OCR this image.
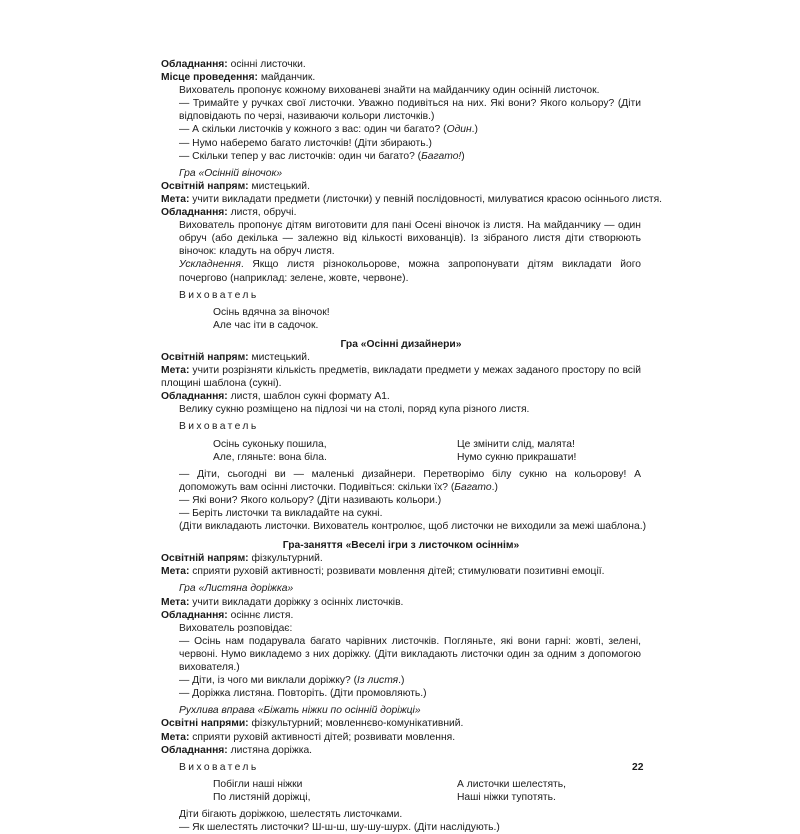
Обладнання: осінні листочки.

Місце проведення: майданчик.

Вихователь пропонує кожному вихованеві знайти на майданчику один осінній листочок.

— Тримайте у ручках свої листочки. Уважно подивіться на них. Які вони? Якого кольору? (Діти відповідають по черзі, називаючи кольори листочків.)

— А скільки листочків у кожного з вас: один чи багато? (Один.)

— Нумо наберемо багато листочків! (Діти збирають.)

— Скільки тепер у вас листочків: один чи багато? (Багато!)

Гра «Осінній віночок»

Освітній напрям: мистецький.

Мета: учити викладати предмети (листочки) у певній послідовності, милуватися красою осіннього листя.

Обладнання: листя, обручі.

Вихователь пропонує дітям виготовити для пані Осені віночок із листя. На майданчику — один обруч (або декілька — залежно від кількості вихованців). Із зібраного листя діти створюють віночок: кладуть на обруч листя.

Ускладнення. Якщо листя різнокольорове, можна запропонувати дітям викладати його почергово (наприклад: зелене, жовте, червоне).

Вихователь

Осінь вдячна за віночок!
Але час іти в садочок.

Гра «Осінні дизайнери»

Освітній напрям: мистецький.

Мета: учити розрізняти кількість предметів, викладати предмети у межах заданого простору по всій площині шаблона (сукні).

Обладнання: листя, шаблон сукні формату А1.

Велику сукню розміщено на підлозі чи на столі, поряд купа різного листя.

Вихователь

Осінь суконьку пошила,
Але, гляньте: вона біла.
Це змінити слід, малята!
Нумо сукню прикрашати!

— Діти, сьогодні ви — маленькі дизайнери. Перетворімо білу сукню на кольорову! А допоможуть вам осінні листочки. Подивіться: скільки їх? (Багато.)

— Які вони? Якого кольору? (Діти називають кольори.)

— Беріть листочки та викладайте на сукні.

(Діти викладають листочки. Вихователь контролює, щоб листочки не виходили за межі шаблона.)

Гра-заняття «Веселі ігри з листочком осіннім»

Освітній напрям: фізкультурний.

Мета: сприяти руховій активності; розвивати мовлення дітей; стимулювати позитивні емоції.

Гра «Листяна доріжка»

Мета: учити викладати доріжку з осінніх листочків.

Обладнання: осіннє листя.

Вихователь розповідає:

— Осінь нам подарувала багато чарівних листочків. Погляньте, які вони гарні: жовті, зелені, червоні. Нумо викладемо з них доріжку. (Діти викладають листочки один за одним з допомогою вихователя.)

— Діти, із чого ми виклали доріжку? (Із листя.)

— Доріжка листяна. Повторіть. (Діти промовляють.)

Рухлива вправа «Біжать ніжки по осінній доріжці»

Освітні напрями: фізкультурний; мовленнєво-комунікативний.

Мета: сприяти руховій активності дітей; розвивати мовлення.

Обладнання: листяна доріжка.

Вихователь

Побігли наші ніжки
По листяній доріжці,
А листочки шелестять,
Наші ніжки тупотять.

Діти бігають доріжкою, шелестять листочками.

— Як шелестять листочки? Ш-ш-ш, шу-шу-шурх. (Діти наслідують.)

22
